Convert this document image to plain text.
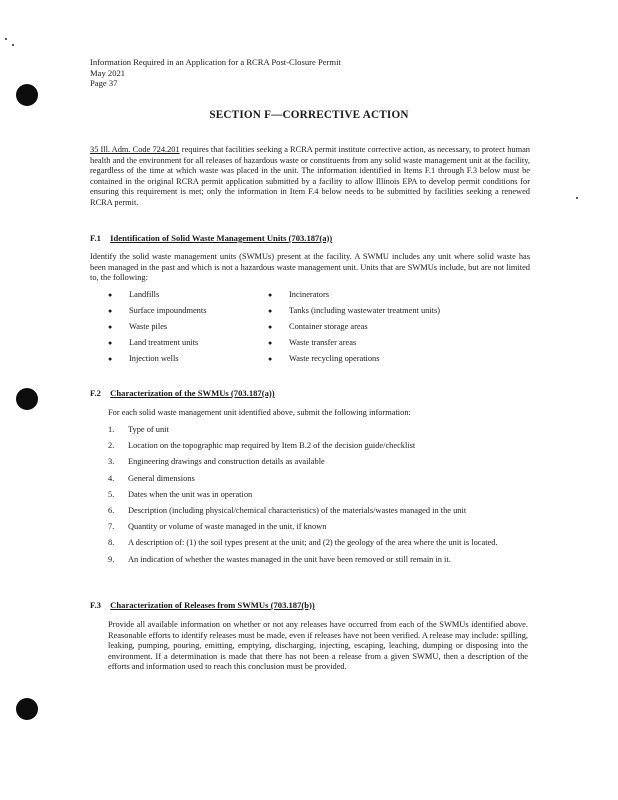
Information Required in an Application for a RCRA Post-Closure Permit
May 2021
Page 37
SECTION F—CORRECTIVE ACTION
35 Ill. Adm. Code 724.201 requires that facilities seeking a RCRA permit institute corrective action, as necessary, to protect human health and the environment for all releases of hazardous waste or constituents from any solid waste management unit at the facility, regardless of the time at which waste was placed in the unit. The information identified in Items F.1 through F.3 below must be contained in the original RCRA permit application submitted by a facility to allow Illinois EPA to develop permit conditions for ensuring this requirement is met; only the information in Item F.4 below needs to be submitted by facilities seeking a renewed RCRA permit.
F.1 Identification of Solid Waste Management Units (703.187(a))
Identify the solid waste management units (SWMUs) present at the facility. A SWMU includes any unit where solid waste has been managed in the past and which is not a hazardous waste management unit. Units that are SWMUs include, but are not limited to, the following:
● Landfills	● Incinerators
● Surface impoundments	● Tanks (including wastewater treatment units)
● Waste piles	● Container storage areas
● Land treatment units	● Waste transfer areas
● Injection wells	● Waste recycling operations
F.2 Characterization of the SWMUs (703.187(a))
For each solid waste management unit identified above, submit the following information:
1.	Type of unit
2.	Location on the topographic map required by Item B.2 of the decision guide/checklist
3.	Engineering drawings and construction details as available
4.	General dimensions
5.	Dates when the unit was in operation
6.	Description (including physical/chemical characteristics) of the materials/wastes managed in the unit
7.	Quantity or volume of waste managed in the unit, if known
8.	A description of: (1) the soil types present at the unit; and (2) the geology of the area where the unit is located.
9.	An indication of whether the wastes managed in the unit have been removed or still remain in it.
F.3 Characterization of Releases from SWMUs (703.187(b))
Provide all available information on whether or not any releases have occurred from each of the SWMUs identified above. Reasonable efforts to identify releases must be made, even if releases have not been verified. A release may include: spilling, leaking, pumping, pouring, emitting, emptying, discharging, injecting, escaping, leaching, dumping or disposing into the environment. If a determination is made that there has not been a release from a given SWMU, then a description of the efforts and information used to reach this conclusion must be provided.
